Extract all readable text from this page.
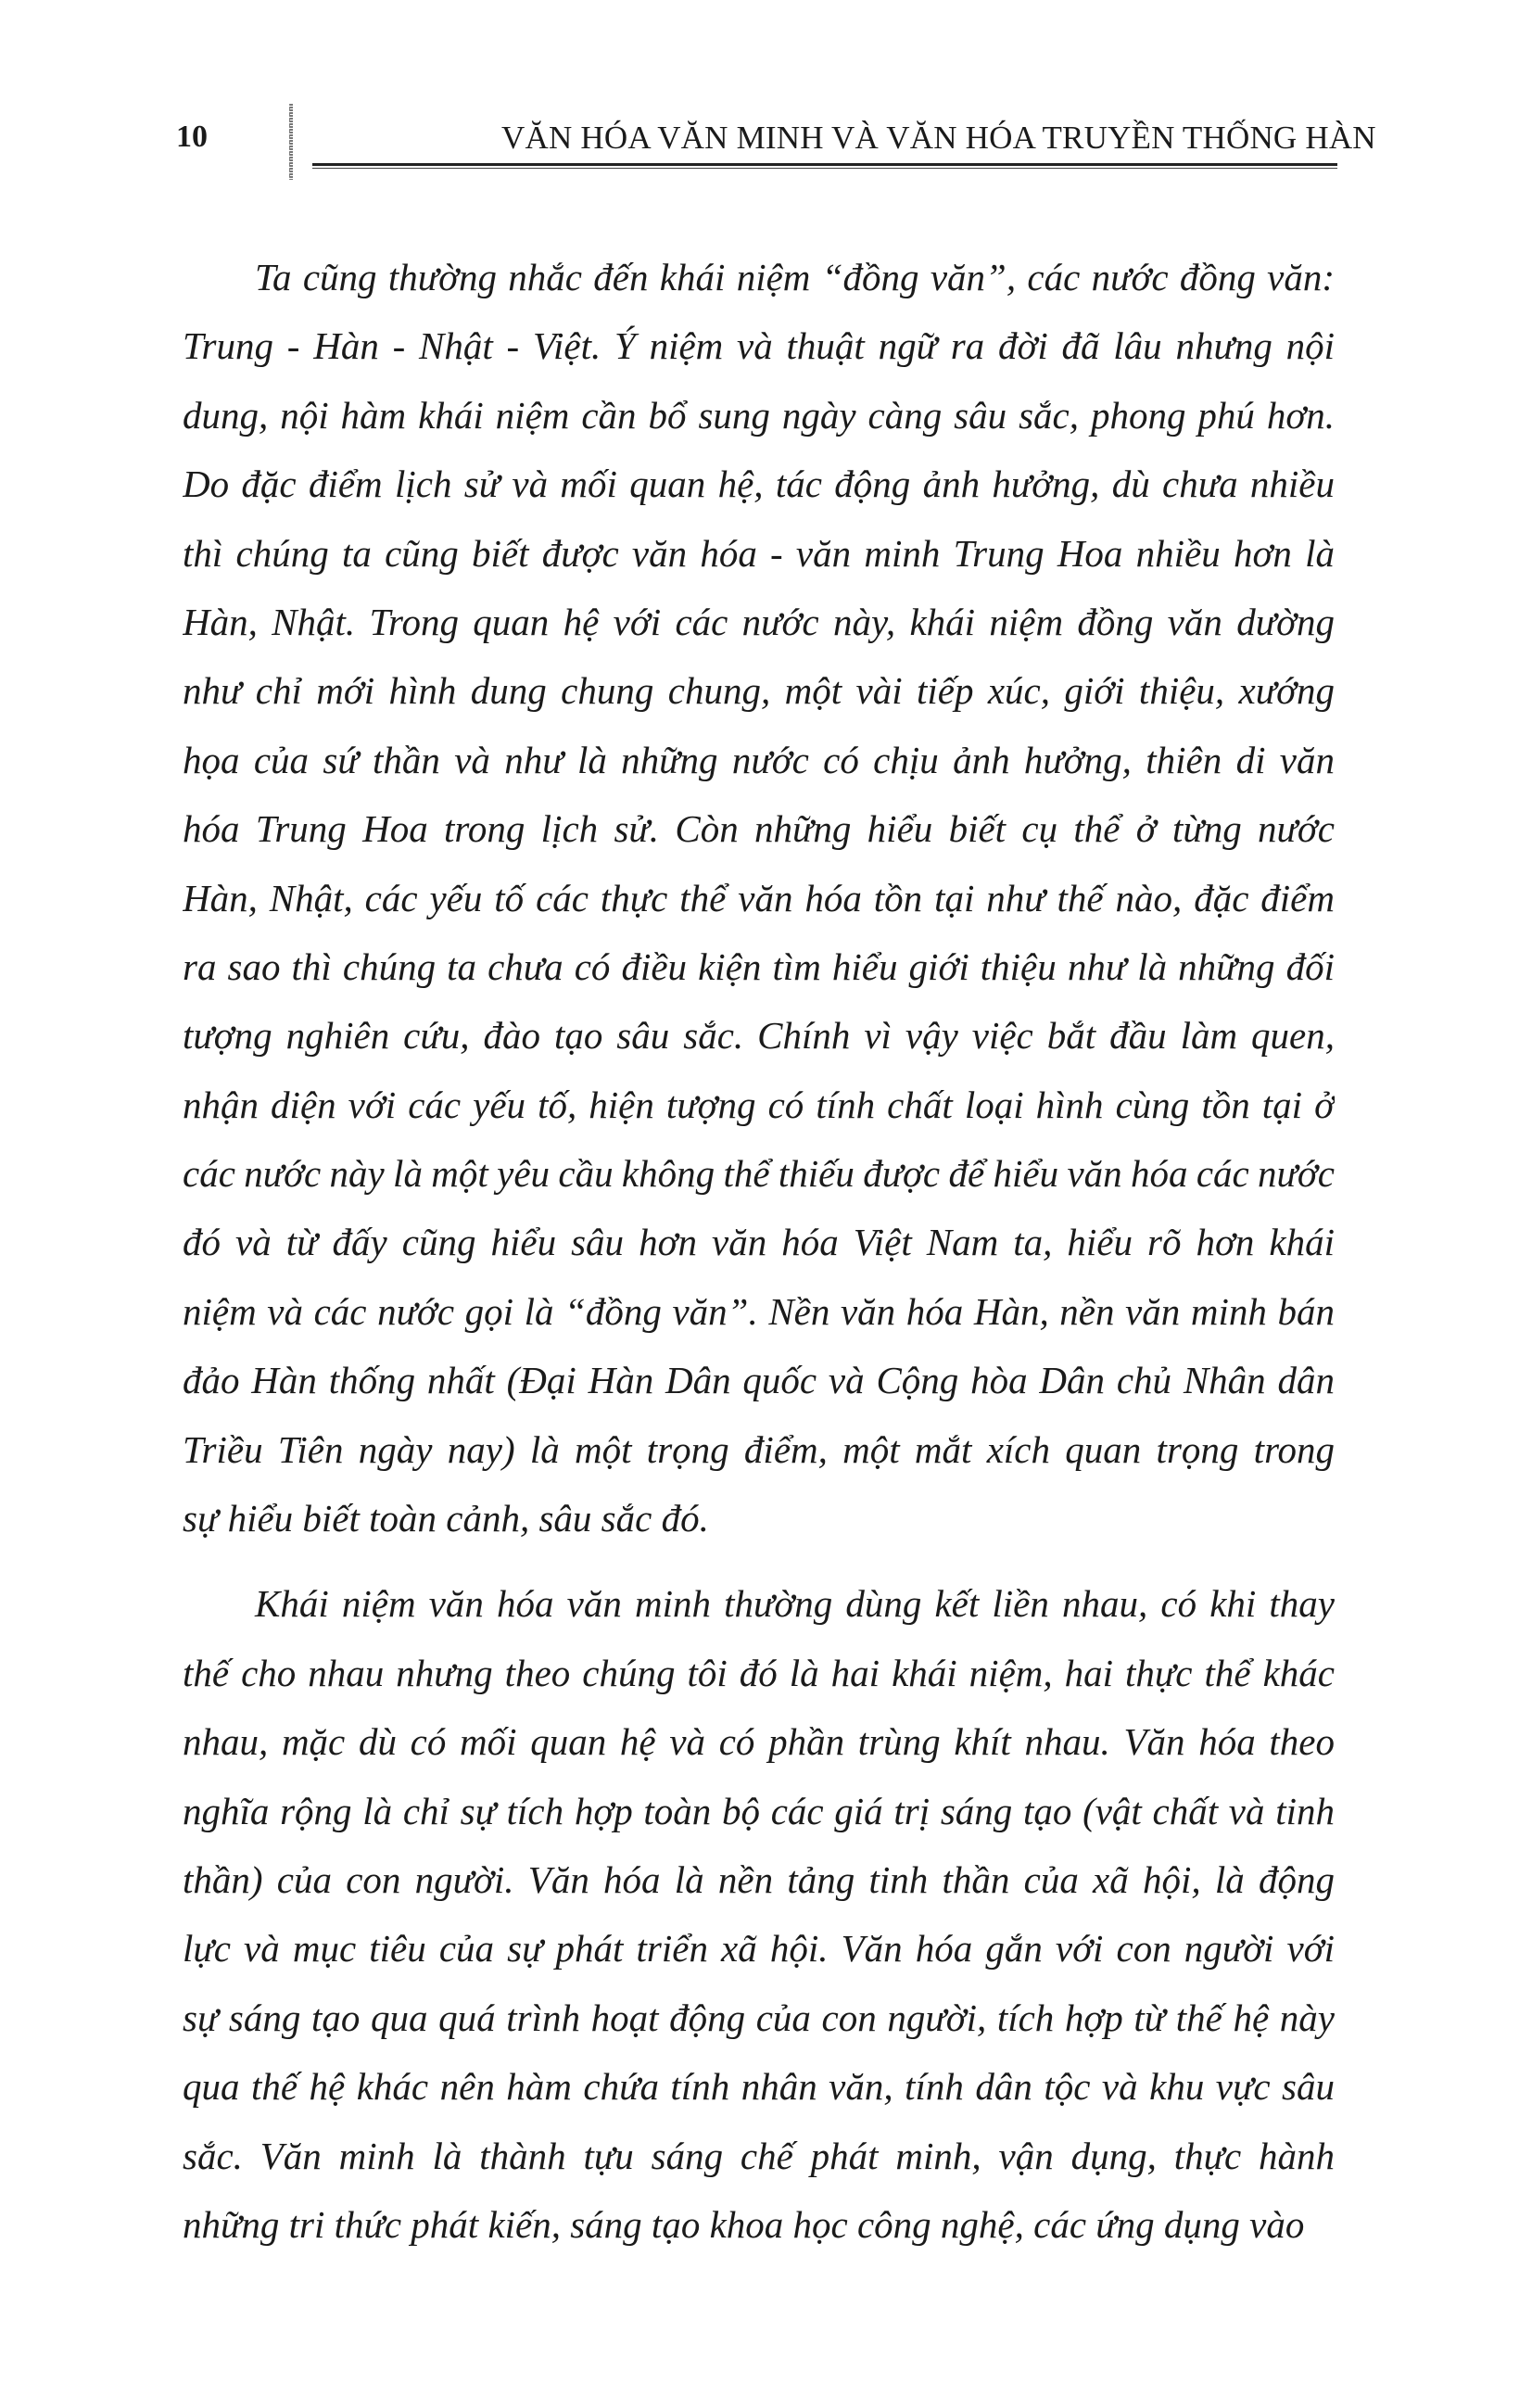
10	VĂN HÓA VĂN MINH VÀ VĂN HÓA TRUYỀN THỐNG HÀN
Ta cũng thường nhắc đến khái niệm “đồng văn”, các nước đồng văn:
Trung - Hàn - Nhật - Việt. Ý niệm và thuật ngữ ra đời đã lâu nhưng nội
dung, nội hàm khái niệm cần bổ sung ngày càng sâu sắc, phong phú hơn.
Do đặc điểm lịch sử và mối quan hệ, tác động ảnh hưởng, dù chưa nhiều
thì chúng ta cũng biết được văn hóa - văn minh Trung Hoa nhiều hơn là
Hàn, Nhật. Trong quan hệ với các nước này, khái niệm đồng văn dường
như chỉ mới hình dung chung chung, một vài tiếp xúc, giới thiệu, xướng
họa của sứ thần và như là những nước có chịu ảnh hưởng, thiên di văn
hóa Trung Hoa trong lịch sử. Còn những hiểu biết cụ thể ở từng nước
Hàn, Nhật, các yếu tố các thực thể văn hóa tồn tại như thế nào, đặc điểm
ra sao thì chúng ta chưa có điều kiện tìm hiểu giới thiệu như là những đối
tượng nghiên cứu, đào tạo sâu sắc. Chính vì vậy việc bắt đầu làm quen,
nhận diện với các yếu tố, hiện tượng có tính chất loại hình cùng tồn tại ở
các nước này là một yêu cầu không thể thiếu được để hiểu văn hóa các nước
đó và từ đấy cũng hiểu sâu hơn văn hóa Việt Nam ta, hiểu rõ hơn khái
niệm và các nước gọi là “đồng văn”. Nền văn hóa Hàn, nền văn minh bán
đảo Hàn thống nhất (Đại Hàn Dân quốc và Cộng hòa Dân chủ Nhân dân
Triều Tiên ngày nay) là một trọng điểm, một mắt xích quan trọng trong
sự hiểu biết toàn cảnh, sâu sắc đó.
Khái niệm văn hóa văn minh thường dùng kết liền nhau, có khi thay
thế cho nhau nhưng theo chúng tôi đó là hai khái niệm, hai thực thể khác
nhau, mặc dù có mối quan hệ và có phần trùng khít nhau. Văn hóa theo
nghĩa rộng là chỉ sự tích hợp toàn bộ các giá trị sáng tạo (vật chất và tinh
thần) của con người. Văn hóa là nền tảng tinh thần của xã hội, là động
lực và mục tiêu của sự phát triển xã hội. Văn hóa gắn với con người với
sự sáng tạo qua quá trình hoạt động của con người, tích hợp từ thế hệ này
qua thế hệ khác nên hàm chứa tính nhân văn, tính dân tộc và khu vực sâu
sắc. Văn minh là thành tựu sáng chế phát minh, vận dụng, thực hành
những tri thức phát kiến, sáng tạo khoa học công nghệ, các ứng dụng vào
